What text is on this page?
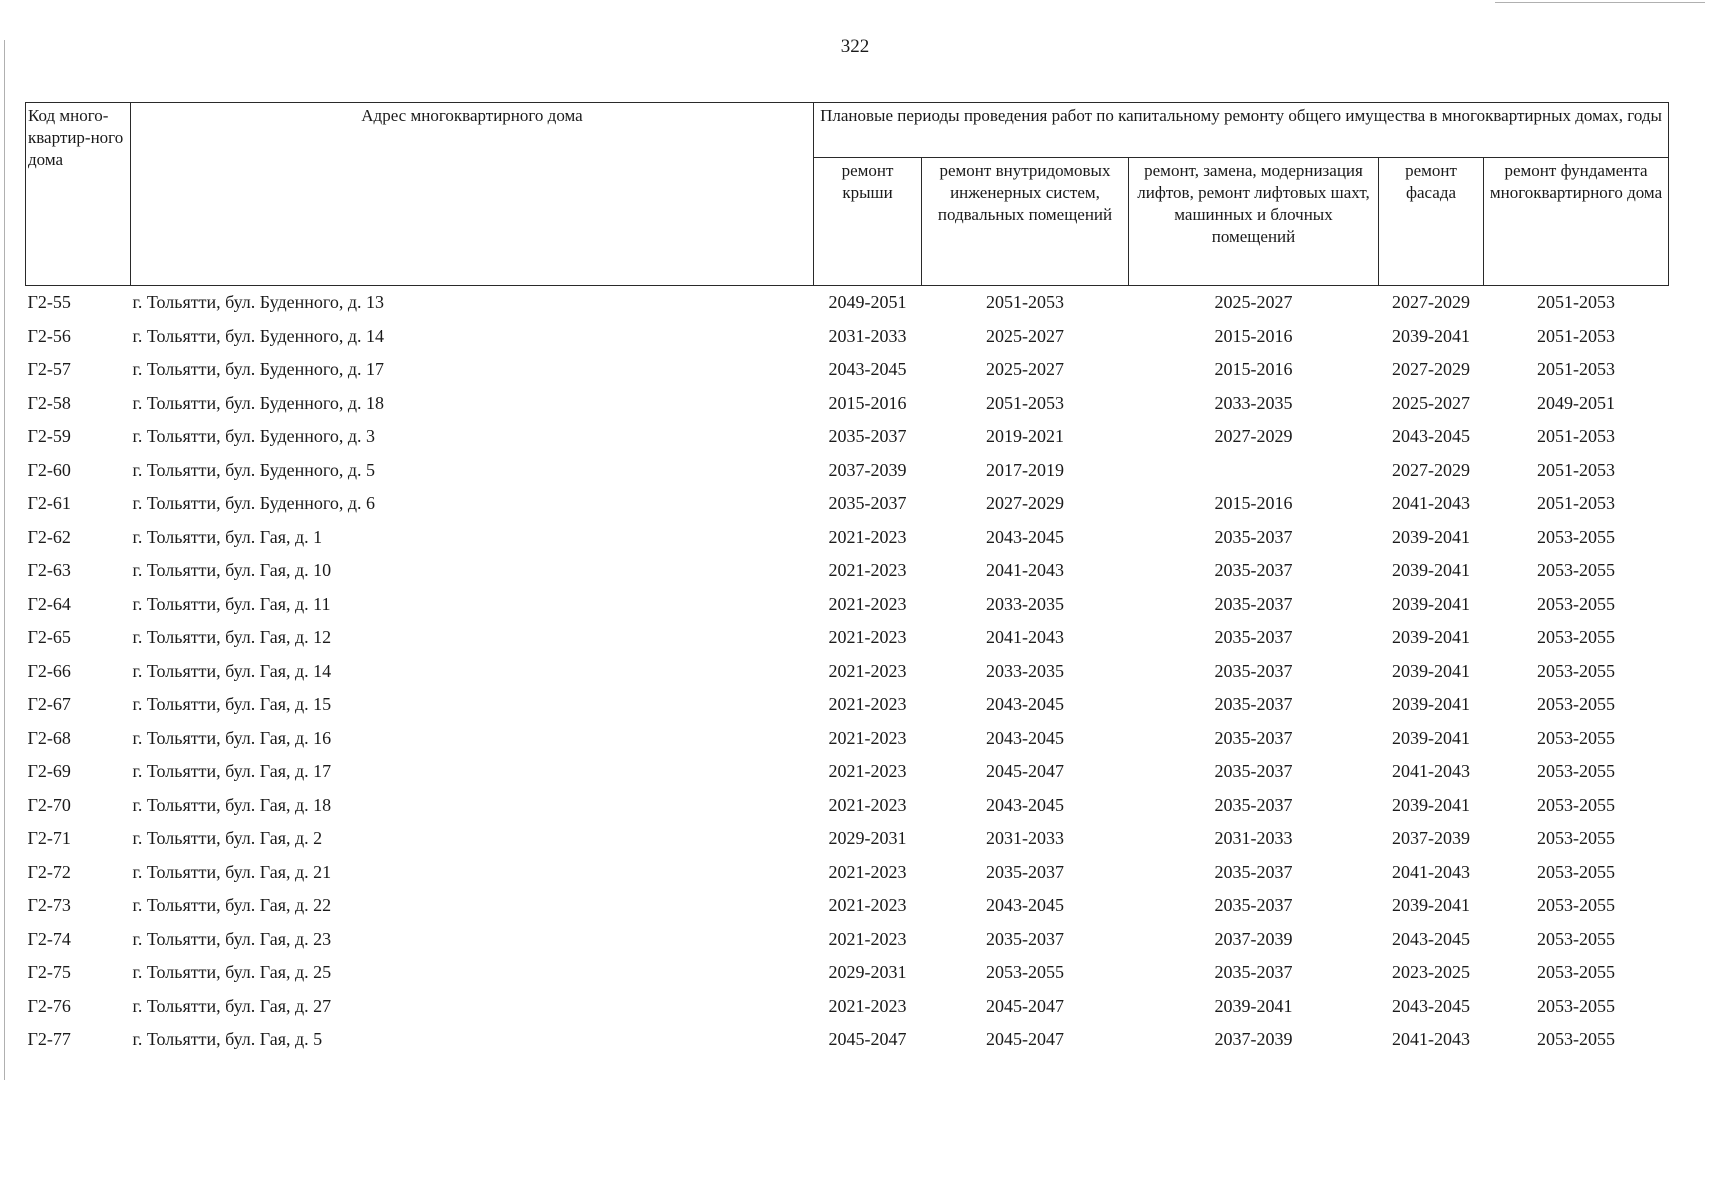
322
Код много-квартир-ного дома	Адрес многоквартирного дома	Плановые периоды проведения работ по капитальному ремонту общего имущества в многоквартирных домах, годы				
		ремонт крыши	ремонт внутридомовых инженерных систем, подвальных помещений	ремонт, замена, модернизация лифтов, ремонт лифтовых шахт, машинных и блочных помещений	ремонт фасада	ремонт фундамента многоквартирного дома
Г2-55	г. Тольятти, бул. Буденного, д. 13	2049-2051	2051-2053	2025-2027	2027-2029	2051-2053
Г2-56	г. Тольятти, бул. Буденного, д. 14	2031-2033	2025-2027	2015-2016	2039-2041	2051-2053
Г2-57	г. Тольятти, бул. Буденного, д. 17	2043-2045	2025-2027	2015-2016	2027-2029	2051-2053
Г2-58	г. Тольятти, бул. Буденного, д. 18	2015-2016	2051-2053	2033-2035	2025-2027	2049-2051
Г2-59	г. Тольятти, бул. Буденного, д. 3	2035-2037	2019-2021	2027-2029	2043-2045	2051-2053
Г2-60	г. Тольятти, бул. Буденного, д. 5	2037-2039	2017-2019		2027-2029	2051-2053
Г2-61	г. Тольятти, бул. Буденного, д. 6	2035-2037	2027-2029	2015-2016	2041-2043	2051-2053
Г2-62	г. Тольятти, бул. Гая, д. 1	2021-2023	2043-2045	2035-2037	2039-2041	2053-2055
Г2-63	г. Тольятти, бул. Гая, д. 10	2021-2023	2041-2043	2035-2037	2039-2041	2053-2055
Г2-64	г. Тольятти, бул. Гая, д. 11	2021-2023	2033-2035	2035-2037	2039-2041	2053-2055
Г2-65	г. Тольятти, бул. Гая, д. 12	2021-2023	2041-2043	2035-2037	2039-2041	2053-2055
Г2-66	г. Тольятти, бул. Гая, д. 14	2021-2023	2033-2035	2035-2037	2039-2041	2053-2055
Г2-67	г. Тольятти, бул. Гая, д. 15	2021-2023	2043-2045	2035-2037	2039-2041	2053-2055
Г2-68	г. Тольятти, бул. Гая, д. 16	2021-2023	2043-2045	2035-2037	2039-2041	2053-2055
Г2-69	г. Тольятти, бул. Гая, д. 17	2021-2023	2045-2047	2035-2037	2041-2043	2053-2055
Г2-70	г. Тольятти, бул. Гая, д. 18	2021-2023	2043-2045	2035-2037	2039-2041	2053-2055
Г2-71	г. Тольятти, бул. Гая, д. 2	2029-2031	2031-2033	2031-2033	2037-2039	2053-2055
Г2-72	г. Тольятти, бул. Гая, д. 21	2021-2023	2035-2037	2035-2037	2041-2043	2053-2055
Г2-73	г. Тольятти, бул. Гая, д. 22	2021-2023	2043-2045	2035-2037	2039-2041	2053-2055
Г2-74	г. Тольятти, бул. Гая, д. 23	2021-2023	2035-2037	2037-2039	2043-2045	2053-2055
Г2-75	г. Тольятти, бул. Гая, д. 25	2029-2031	2053-2055	2035-2037	2023-2025	2053-2055
Г2-76	г. Тольятти, бул. Гая, д. 27	2021-2023	2045-2047	2039-2041	2043-2045	2053-2055
Г2-77	г. Тольятти, бул. Гая, д. 5	2045-2047	2045-2047	2037-2039	2041-2043	2053-2055
